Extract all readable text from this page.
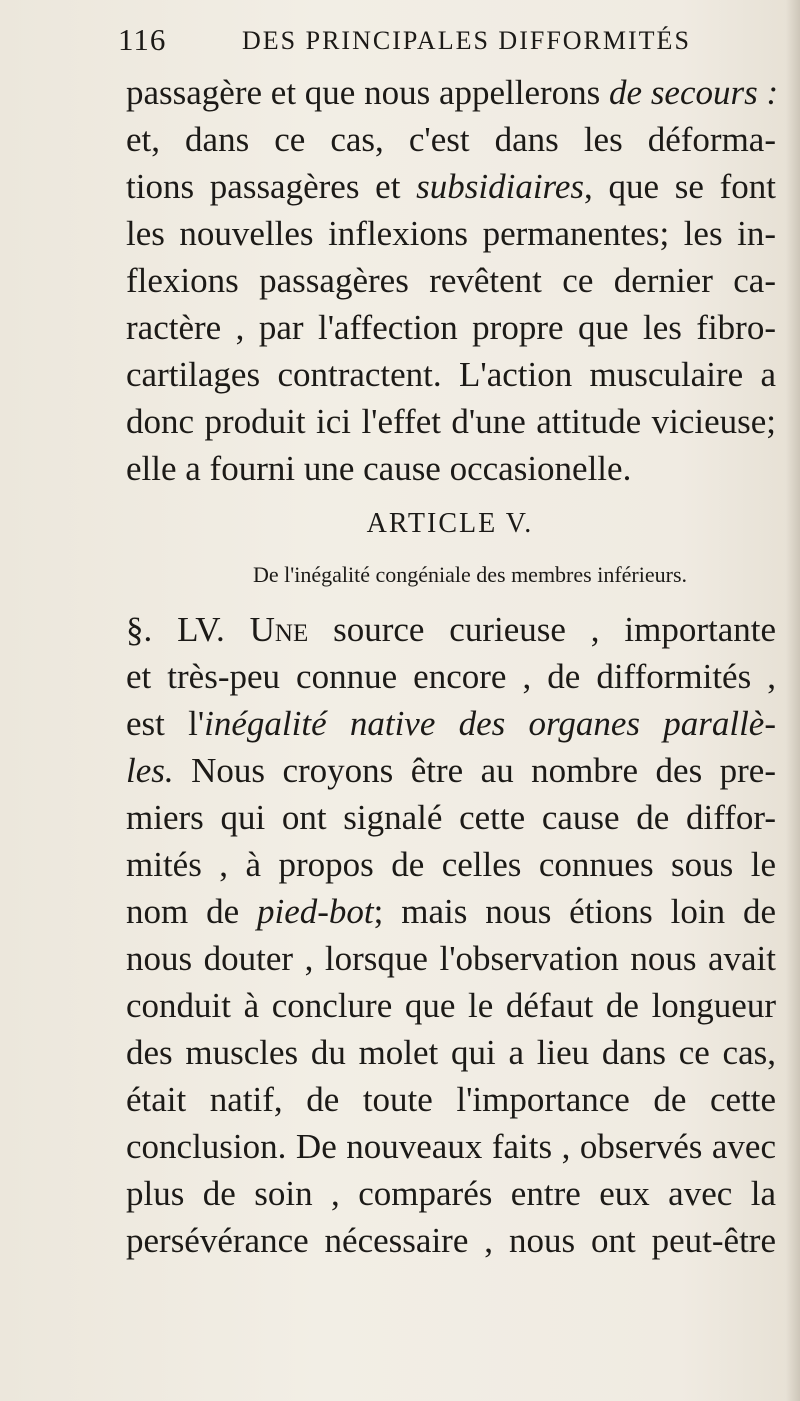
116	DES PRINCIPALES DIFFORMITÉS
passagère et que nous appellerons de secours :
et, dans ce cas, c'est dans les déforma-
tions passagères et subsidiaires, que se font
les nouvelles inflexions permanentes; les in-
flexions passagères revêtent ce dernier ca-
ractère , par l'affection propre que les fibro-
cartilages contractent. L'action musculaire a
donc produit ici l'effet d'une attitude vicieuse;
elle a fourni une cause occasionelle.
ARTICLE V.
De l'inégalité congéniale des membres inférieurs.
§. LV. Une source curieuse , importante
et très-peu connue encore , de difformités ,
est l'inégalité native des organes parallè-
les. Nous croyons être au nombre des pre-
miers qui ont signalé cette cause de diffor-
mités , à propos de celles connues sous le
nom de pied-bot; mais nous étions loin de
nous douter , lorsque l'observation nous avait
conduit à conclure que le défaut de longueur
des muscles du molet qui a lieu dans ce cas,
était natif, de toute l'importance de cette
conclusion. De nouveaux faits , observés avec
plus de soin , comparés entre eux avec la
persévérance nécessaire , nous ont peut-être
